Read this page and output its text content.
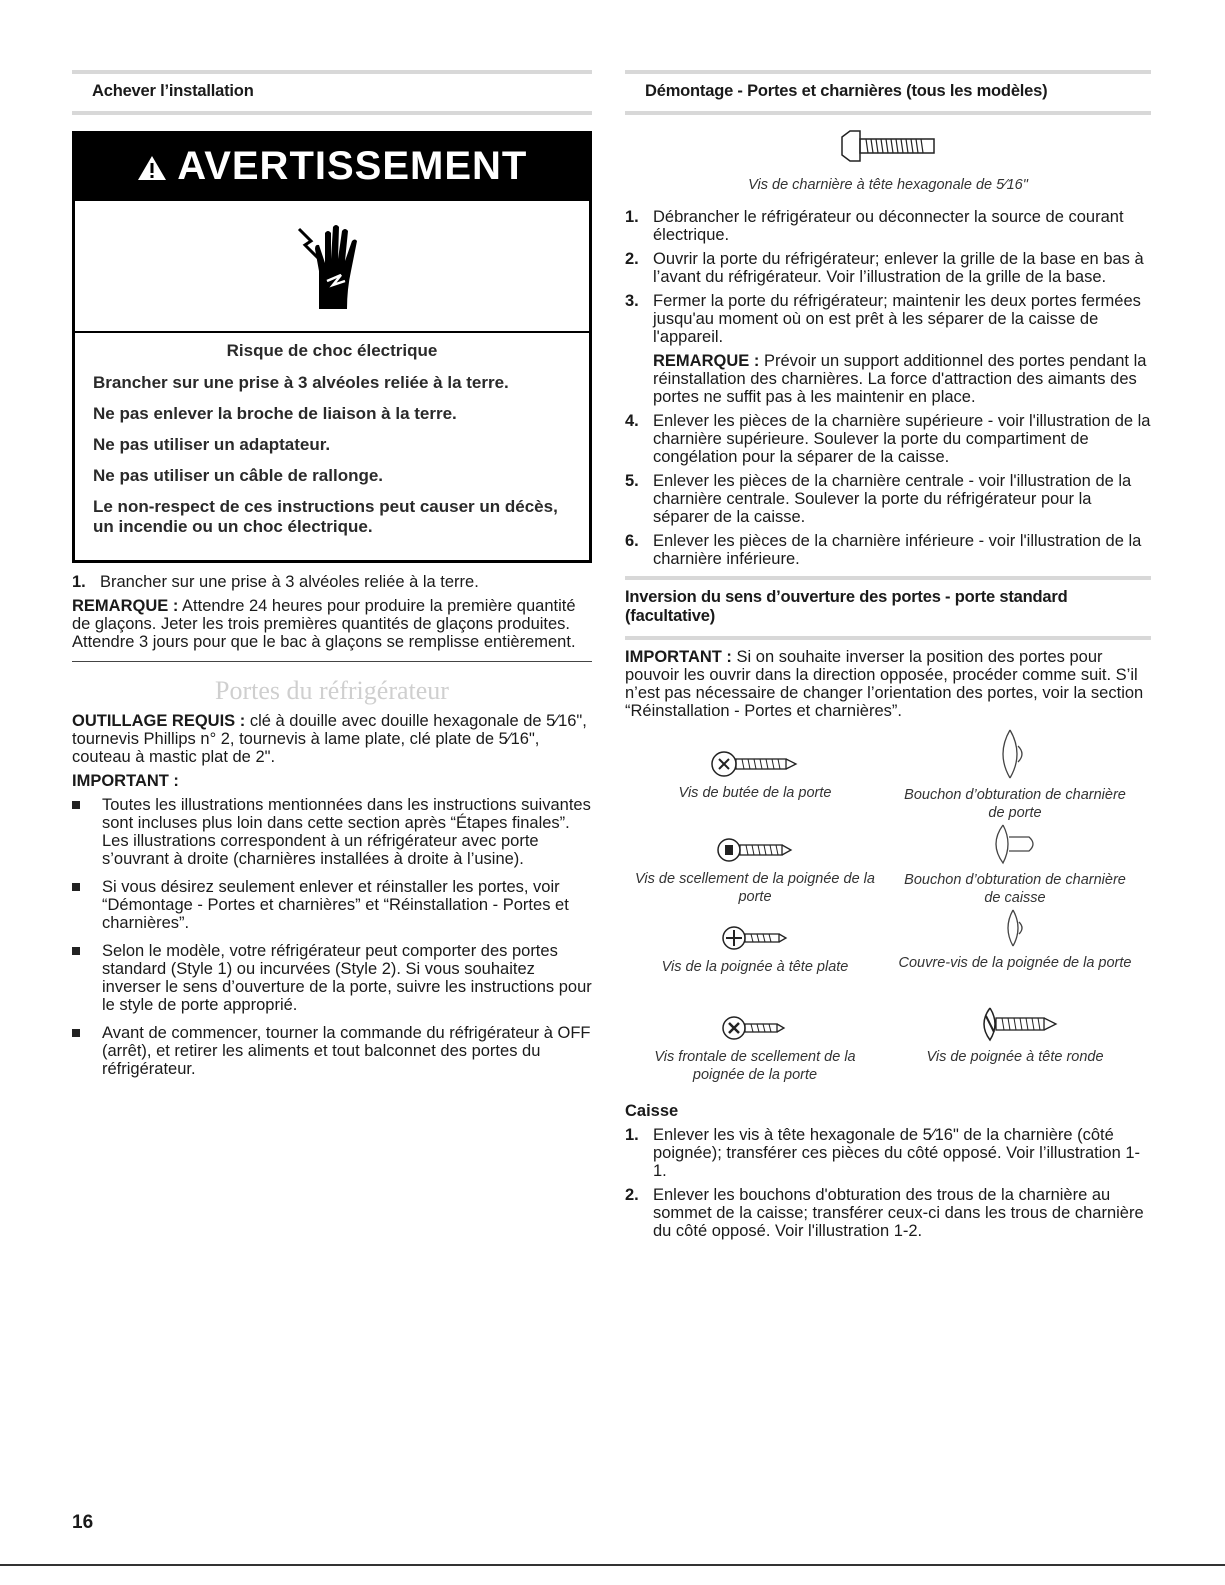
Achever l’installation
AVERTISSEMENT

Risque de choc électrique

Brancher sur une prise à 3 alvéoles reliée à la terre.

Ne pas enlever la broche de liaison à la terre.

Ne pas utiliser un adaptateur.

Ne pas utiliser un câble de rallonge.

Le non-respect de ces instructions peut causer un décès, un incendie ou un choc électrique.

1. Brancher sur une prise à 3 alvéoles reliée à la terre.
REMARQUE : Attendre 24 heures pour produire la première quantité de glaçons. Jeter les trois premières quantités de glaçons produites. Attendre 3 jours pour que le bac à glaçons se remplisse entièrement.
Portes du réfrigérateur
OUTILLAGE REQUIS : clé à douille avec douille hexagonale de 5⁄16", tournevis Phillips n° 2, tournevis à lame plate, clé plate de 5⁄16", couteau à mastic plat de 2".
IMPORTANT :
Toutes les illustrations mentionnées dans les instructions suivantes sont incluses plus loin dans cette section après “Étapes finales”. Les illustrations correspondent à un réfrigérateur avec porte s’ouvrant à droite (charnières installées à droite à l’usine).
Si vous désirez seulement enlever et réinstaller les portes, voir “Démontage - Portes et charnières” et “Réinstallation - Portes et charnières”.
Selon le modèle, votre réfrigérateur peut comporter des portes standard (Style 1) ou incurvées (Style 2). Si vous souhaitez inverser le sens d’ouverture de la porte, suivre les instructions pour le style de porte approprié.
Avant de commencer, tourner la commande du réfrigérateur à OFF (arrêt), et retirer les aliments et tout balconnet des portes du réfrigérateur.
Démontage - Portes et charnières (tous les modèles)
Vis de charnière à tête hexagonale de 5⁄16"
1. Débrancher le réfrigérateur ou déconnecter la source de courant électrique.
2. Ouvrir la porte du réfrigérateur; enlever la grille de la base en bas à l’avant du réfrigérateur. Voir l’illustration de la grille de la base.
3. Fermer la porte du réfrigérateur; maintenir les deux portes fermées jusqu'au moment où on est prêt à les séparer de la caisse de l'appareil.
REMARQUE : Prévoir un support additionnel des portes pendant la réinstallation des charnières. La force d'attraction des aimants des portes ne suffit pas à les maintenir en place.
4. Enlever les pièces de la charnière supérieure - voir l'illustration de la charnière supérieure. Soulever la porte du compartiment de congélation pour la séparer de la caisse.
5. Enlever les pièces de la charnière centrale - voir l'illustration de la charnière centrale. Soulever la porte du réfrigérateur pour la séparer de la caisse.
6. Enlever les pièces de la charnière inférieure - voir l'illustration de la charnière inférieure.
Inversion du sens d’ouverture des portes - porte standard (facultative)
IMPORTANT : Si on souhaite inverser la position des portes pour pouvoir les ouvrir dans la direction opposée, procéder comme suit. S’il n’est pas nécessaire de changer l’orientation des portes, voir la section “Réinstallation - Portes et charnières”.
Vis de butée de la porte	Bouchon d’obturation de charnière de porte
Vis de scellement de la poignée de la porte
Bouchon d’obturation de charnière de caisse
Vis de la poignée à tête plate	Couvre-vis de la poignée de la porte
Vis frontale de scellement de la poignée de la porte
Vis de poignée à tête ronde
Caisse
1. Enlever les vis à tête hexagonale de 5⁄16" de la charnière (côté poignée); transférer ces pièces du côté opposé. Voir l’illustration 1-1.
2. Enlever les bouchons d'obturation des trous de la charnière au sommet de la caisse; transférer ceux-ci dans les trous de charnière du côté opposé. Voir l'illustration 1-2.
16
